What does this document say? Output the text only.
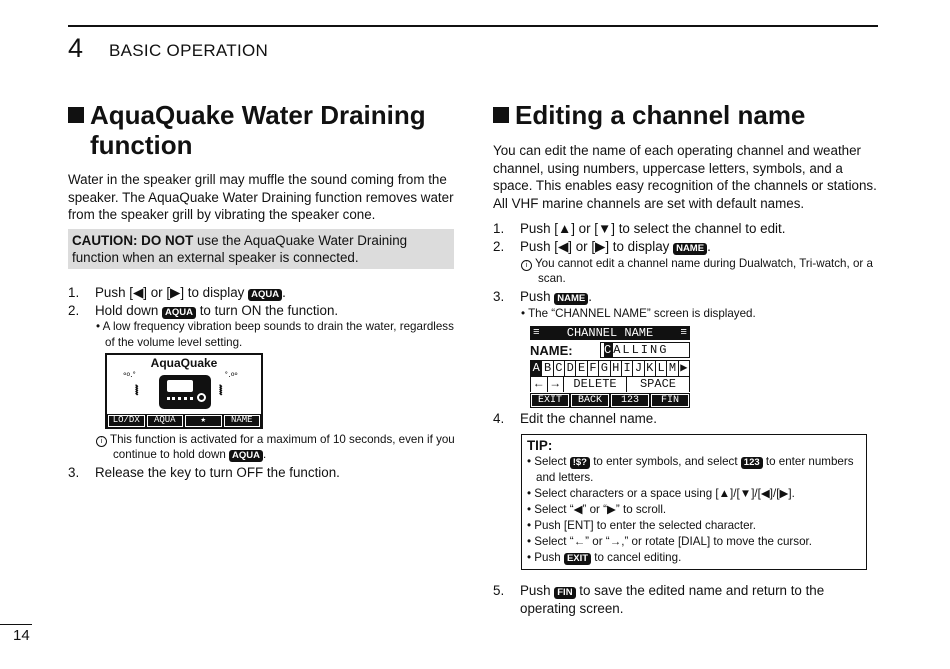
4 BASIC OPERATION
AquaQuake Water Draining function

Water in the speaker grill may muffle the sound coming from the speaker. The AquaQuake Water Draining function removes water from the speaker grill by vibrating the speaker cone.

CAUTION: DO NOT use the AquaQuake Water Draining function when an external speaker is connected.
1. Push [◀] or [▶] to display AQUA .
2. Hold down AQUA to turn ON the function.
• A low frequency vibration beep sounds to drain the water, regardless of the volume level setting.
AquaQuake
°º·˚	˚·º°
⦚⦚	⦚⦚
LO/DX	AQUA	★	NAME
i This function is activated for a maximum of 10 seconds, even if you continue to hold down AQUA .
3. Release the key to turn OFF the function.
Editing a channel name

You can edit the name of each operating channel and weather channel, using numbers, uppercase letters, symbols, and a space. This enables easy recognition of the channels or stations. All VHF marine channels are set with default names.

1. Push [▲] or [▼] to select the channel to edit.
2. Push [◀] or [▶] to display NAME .
i You cannot edit a channel name during Dualwatch, Tri-watch, or a scan.
3. Push NAME .
• The “CHANNEL NAME” screen is displayed.
≡ CHANNEL NAME ≡
NAME:	CALLING
A B C D E F G H I J K L M ▶
← →	DELETE	SPACE
EXIT	BACK	123	FIN
4. Edit the channel name.
TIP:
• Select !$? to enter symbols, and select 123 to enter numbers and letters.
• Select characters or a space using [▲]/[▼]/[◀]/[▶].
• Select “◀” or “▶” to scroll.
• Push [ENT] to enter the selected character.
• Select “←” or “→,” or rotate [DIAL] to move the cursor.
• Push EXIT to cancel editing.
5. Push FIN to save the edited name and return to the operating screen.
14
